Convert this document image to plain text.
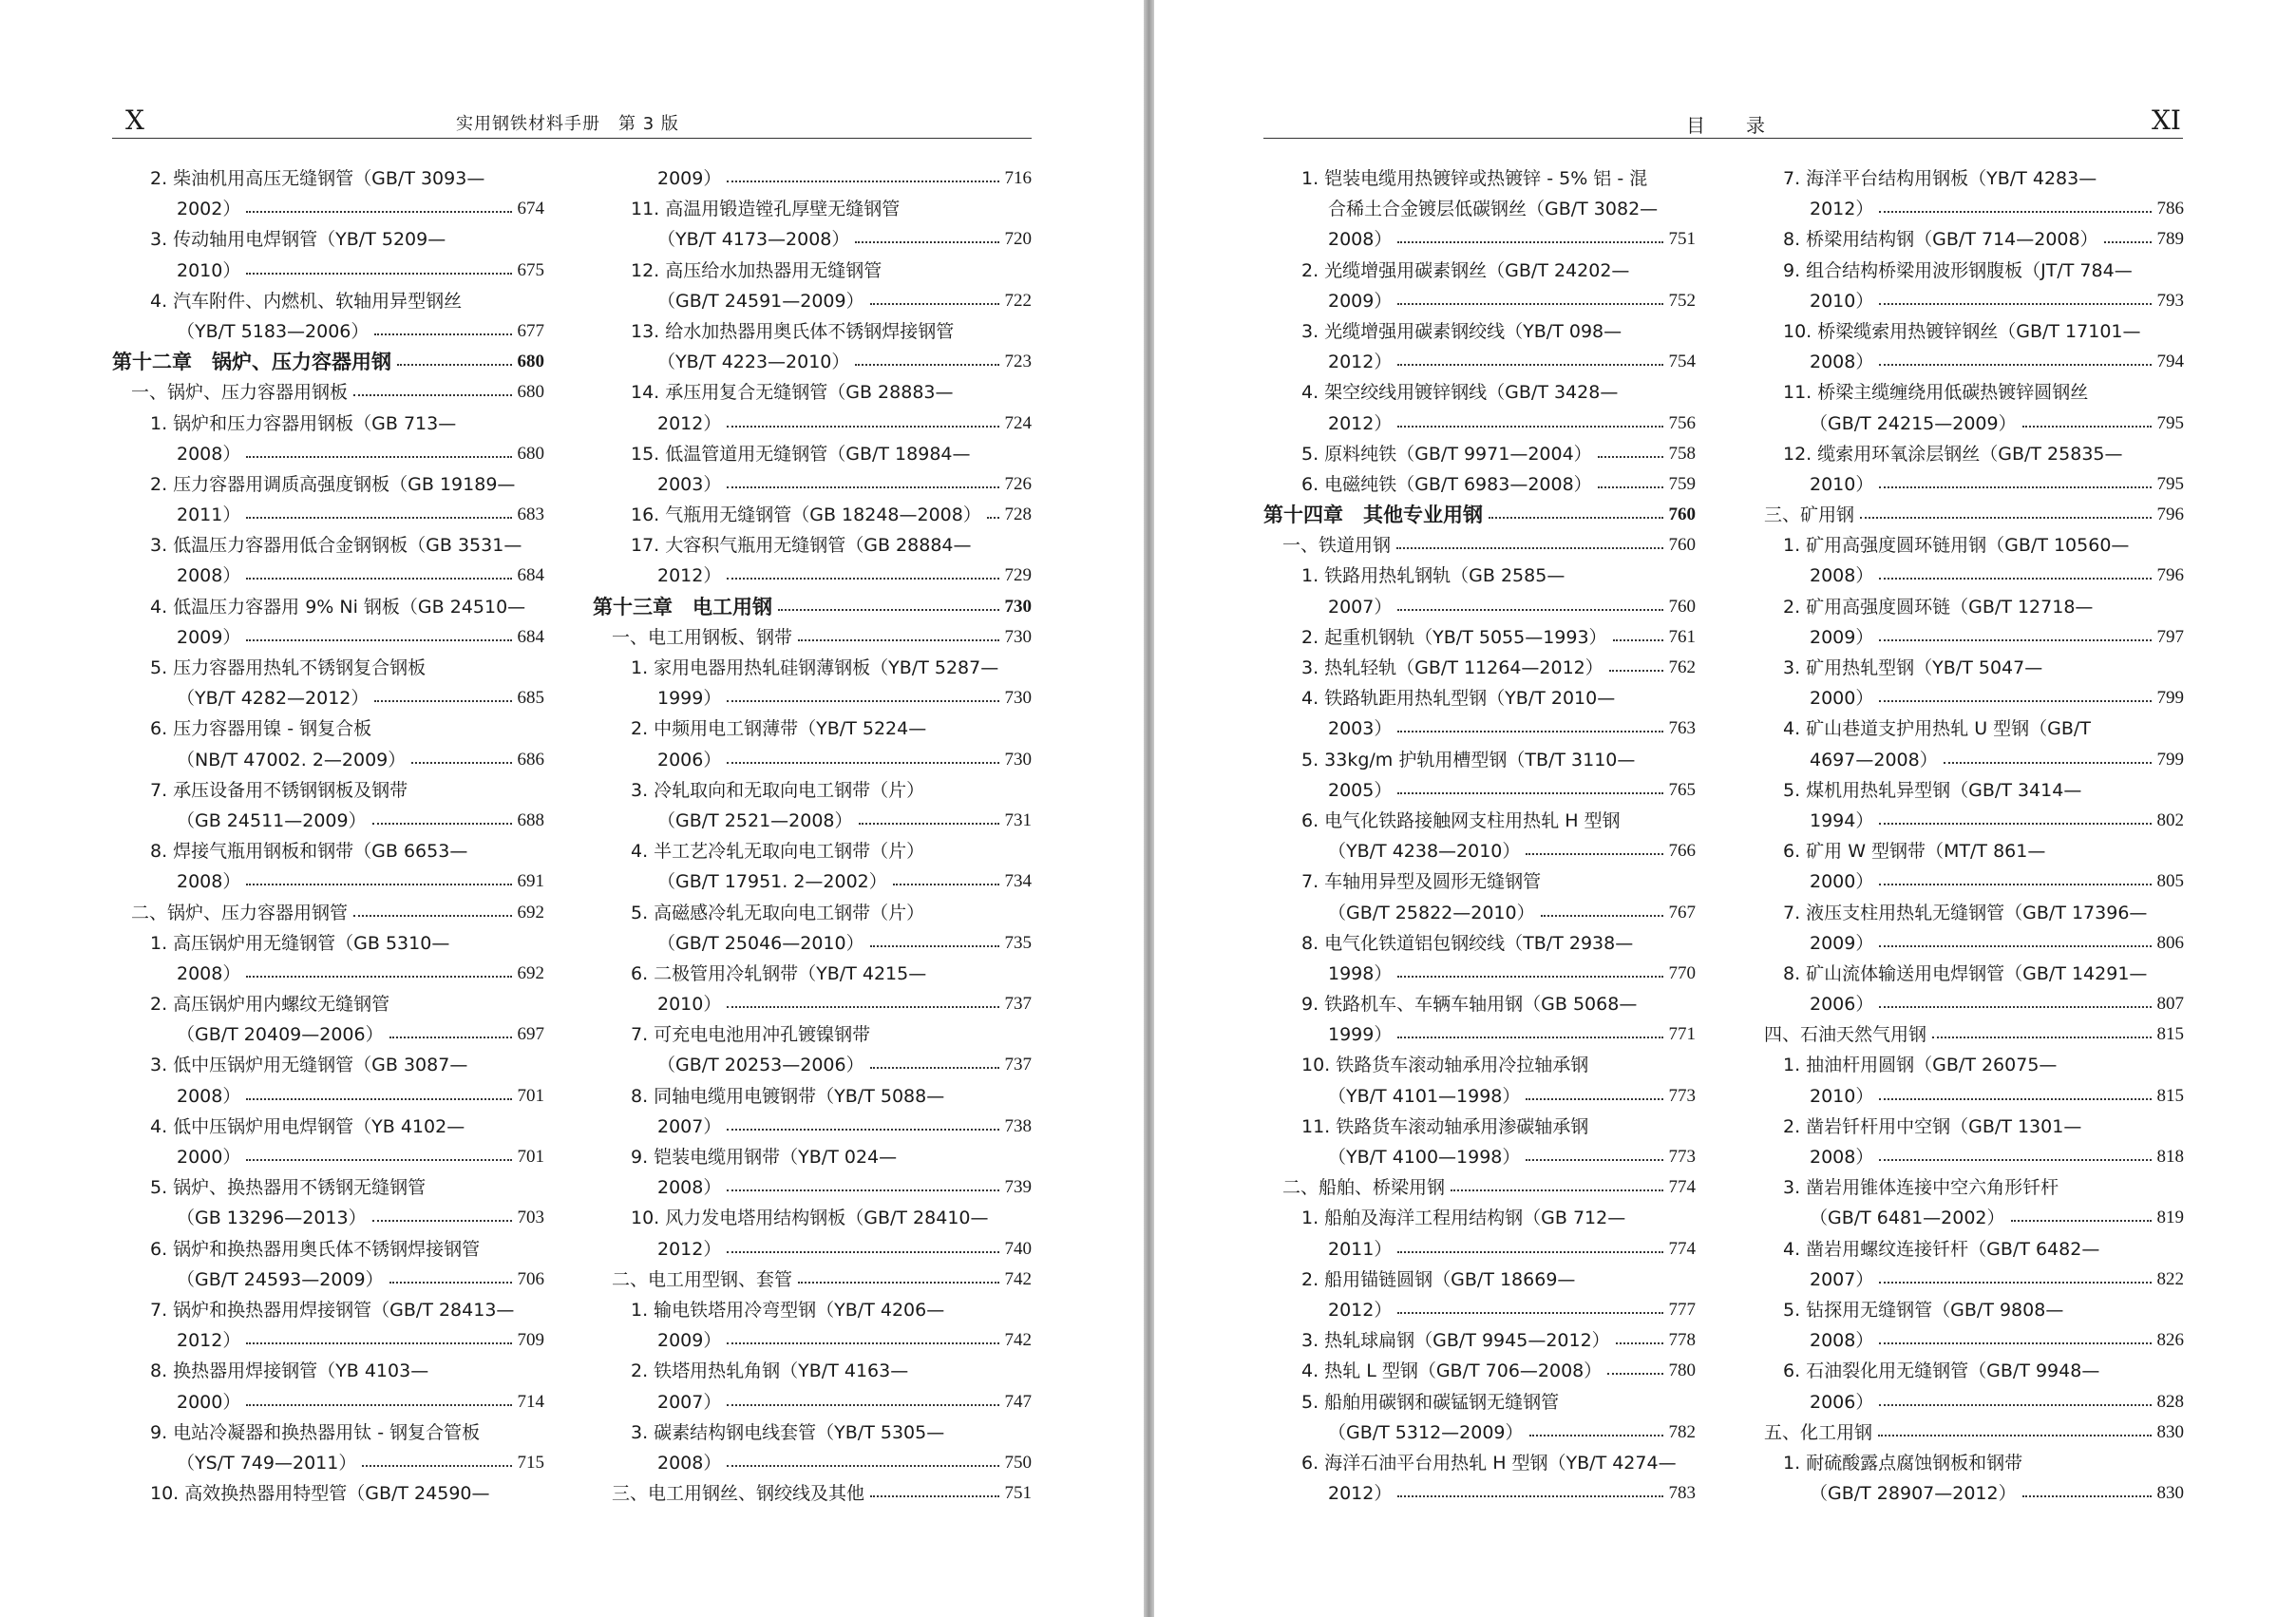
X	实用钢铁材料手册　第 3 版
2. 柴油机用高压无缝钢管（GB/T 3093—
2002）	674
3. 传动轴用电焊钢管（YB/T 5209—
2010）	675
4. 汽车附件、内燃机、软轴用异型钢丝
（YB/T 5183—2006）	677
第十二章　锅炉、压力容器用钢	680
一、锅炉、压力容器用钢板	680
1. 锅炉和压力容器用钢板（GB 713—
2008）	680
2. 压力容器用调质高强度钢板（GB 19189—
2011）	683
3. 低温压力容器用低合金钢钢板（GB 3531—
2008）	684
4. 低温压力容器用 9% Ni 钢板（GB 24510—
2009）	684
5. 压力容器用热轧不锈钢复合钢板
（YB/T 4282—2012）	685
6. 压力容器用镍 - 钢复合板
（NB/T 47002. 2—2009）	686
7. 承压设备用不锈钢钢板及钢带
（GB 24511—2009）	688
8. 焊接气瓶用钢板和钢带（GB 6653—
2008）	691
二、锅炉、压力容器用钢管	692
1. 高压锅炉用无缝钢管（GB 5310—
2008）	692
2. 高压锅炉用内螺纹无缝钢管
（GB/T 20409—2006）	697
3. 低中压锅炉用无缝钢管（GB 3087—
2008）	701
4. 低中压锅炉用电焊钢管（YB 4102—
2000）	701
5. 锅炉、换热器用不锈钢无缝钢管
（GB 13296—2013）	703
6. 锅炉和换热器用奥氏体不锈钢焊接钢管
（GB/T 24593—2009）	706
7. 锅炉和换热器用焊接钢管（GB/T 28413—
2012）	709
8. 换热器用焊接钢管（YB 4103—
2000）	714
9. 电站冷凝器和换热器用钛 - 钢复合管板
（YS/T 749—2011）	715
10. 高效换热器用特型管（GB/T 24590—
2009）	716
11. 高温用锻造镗孔厚壁无缝钢管
（YB/T 4173—2008）	720
12. 高压给水加热器用无缝钢管
（GB/T 24591—2009）	722
13. 给水加热器用奥氏体不锈钢焊接钢管
（YB/T 4223—2010）	723
14. 承压用复合无缝钢管（GB 28883—
2012）	724
15. 低温管道用无缝钢管（GB/T 18984—
2003）	726
16. 气瓶用无缝钢管（GB 18248—2008） 728
17. 大容积气瓶用无缝钢管（GB 28884—
2012）	729
第十三章　电工用钢	730
一、电工用钢板、钢带	730
1. 家用电器用热轧硅钢薄钢板（YB/T 5287—
1999）	730
2. 中频用电工钢薄带（YB/T 5224—
2006）	730
3. 冷轧取向和无取向电工钢带（片）
（GB/T 2521—2008）	731
4. 半工艺冷轧无取向电工钢带（片）
（GB/T 17951. 2—2002）	734
5. 高磁感冷轧无取向电工钢带（片）
（GB/T 25046—2010）	735
6. 二极管用冷轧钢带（YB/T 4215—
2010）	737
7. 可充电电池用冲孔镀镍钢带
（GB/T 20253—2006）	737
8. 同轴电缆用电镀钢带（YB/T 5088—
2007）	738
9. 铠装电缆用钢带（YB/T 024—
2008）	739
10. 风力发电塔用结构钢板（GB/T 28410—
2012）	740
二、电工用型钢、套管	742
1. 输电铁塔用冷弯型钢（YB/T 4206—
2009）	742
2. 铁塔用热轧角钢（YB/T 4163—
2007）	747
3. 碳素结构钢电线套管（YB/T 5305—
2008）	750
三、电工用钢丝、钢绞线及其他	751
目　　录	XI
1. 铠装电缆用热镀锌或热镀锌 - 5% 铝 - 混
合稀土合金镀层低碳钢丝（GB/T 3082—
2008）	751
2. 光缆增强用碳素钢丝（GB/T 24202—
2009）	752
3. 光缆增强用碳素钢绞线（YB/T 098—
2012）	754
4. 架空绞线用镀锌钢线（GB/T 3428—
2012）	756
5. 原料纯铁（GB/T 9971—2004）	758
6. 电磁纯铁（GB/T 6983—2008）	759
第十四章　其他专业用钢	760
一、铁道用钢	760
1. 铁路用热轧钢轨（GB 2585—
2007）	760
2. 起重机钢轨（YB/T 5055—1993）	761
3. 热轧轻轨（GB/T 11264—2012）	762
4. 铁路轨距用热轧型钢（YB/T 2010—
2003）	763
5. 33kg/m 护轨用槽型钢（TB/T 3110—
2005）	765
6. 电气化铁路接触网支柱用热轧 H 型钢
（YB/T 4238—2010）	766
7. 车轴用异型及圆形无缝钢管
（GB/T 25822—2010）	767
8. 电气化铁道铝包钢绞线（TB/T 2938—
1998）	770
9. 铁路机车、车辆车轴用钢（GB 5068—
1999）	771
10. 铁路货车滚动轴承用冷拉轴承钢
（YB/T 4101—1998）	773
11. 铁路货车滚动轴承用渗碳轴承钢
（YB/T 4100—1998）	773
二、船舶、桥梁用钢	774
1. 船舶及海洋工程用结构钢（GB 712—
2011）	774
2. 船用锚链圆钢（GB/T 18669—
2012）	777
3. 热轧球扁钢（GB/T 9945—2012）	778
4. 热轧 L 型钢（GB/T 706—2008）	780
5. 船舶用碳钢和碳锰钢无缝钢管
（GB/T 5312—2009）	782
6. 海洋石油平台用热轧 H 型钢（YB/T 4274—
2012）	783
7. 海洋平台结构用钢板（YB/T 4283—
2012）	786
8. 桥梁用结构钢（GB/T 714—2008）	789
9. 组合结构桥梁用波形钢腹板（JT/T 784—
2010）	793
10. 桥梁缆索用热镀锌钢丝（GB/T 17101—
2008）	794
11. 桥梁主缆缠绕用低碳热镀锌圆钢丝
（GB/T 24215—2009）	795
12. 缆索用环氧涂层钢丝（GB/T 25835—
2010）	795
三、矿用钢	796
1. 矿用高强度圆环链用钢（GB/T 10560—
2008）	796
2. 矿用高强度圆环链（GB/T 12718—
2009）	797
3. 矿用热轧型钢（YB/T 5047—
2000）	799
4. 矿山巷道支护用热轧 U 型钢（GB/T
4697—2008）	799
5. 煤机用热轧异型钢（GB/T 3414—
1994）	802
6. 矿用 W 型钢带（MT/T 861—
2000）	805
7. 液压支柱用热轧无缝钢管（GB/T 17396—
2009）	806
8. 矿山流体输送用电焊钢管（GB/T 14291—
2006）	807
四、石油天然气用钢	815
1. 抽油杆用圆钢（GB/T 26075—
2010）	815
2. 凿岩钎杆用中空钢（GB/T 1301—
2008）	818
3. 凿岩用锥体连接中空六角形钎杆
（GB/T 6481—2002）	819
4. 凿岩用螺纹连接钎杆（GB/T 6482—
2007）	822
5. 钻探用无缝钢管（GB/T 9808—
2008）	826
6. 石油裂化用无缝钢管（GB/T 9948—
2006）	828
五、化工用钢	830
1. 耐硫酸露点腐蚀钢板和钢带
（GB/T 28907—2012）	830
